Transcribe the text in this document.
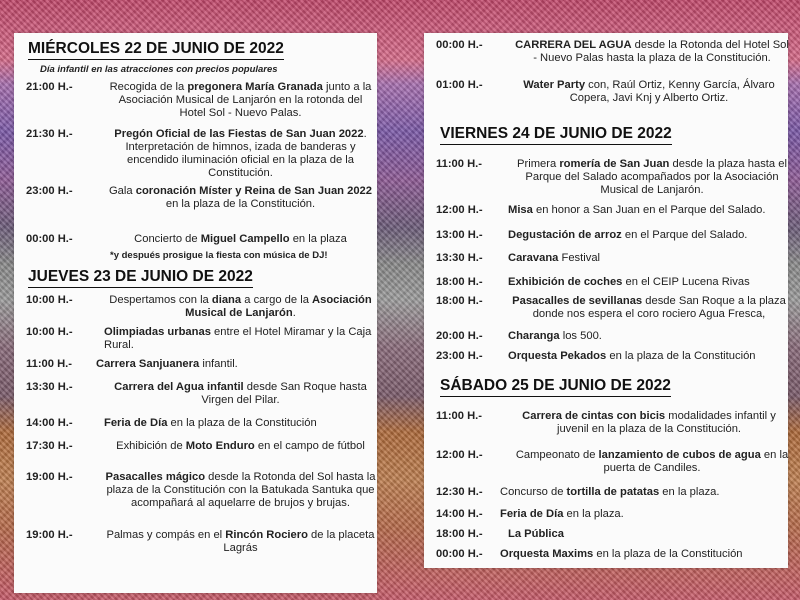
MIÉRCOLES 22 DE JUNIO DE 2022
JUEVES 23 DE JUNIO DE 2022
Día infantil en las atracciones con precios populares
*y después prosigue la fiesta con música de DJ!
21:00 H.-	Recogida de la pregonera María Granada junto a la Asociación Musical de Lanjarón en la rotonda del Hotel Sol - Nuevo Palas.
21:30 H.-	Pregón Oficial de las Fiestas de San Juan 2022. Interpretación de himnos, izada de banderas y encendido iluminación oficial en la plaza de la Constitución.
23:00 H.-	Gala coronación Míster y Reina de San Juan 2022 en la plaza de la Constitución.
00:00 H.-	Concierto de Miguel Campello en la plaza
10:00 H.-	Despertamos con la diana a cargo de la Asociación Musical de Lanjarón.
10:00 H.-	Olimpiadas urbanas entre el Hotel Miramar y la Caja Rural.
11:00 H.- Carrera Sanjuanera infantil.
13:30 H.-	Carrera del Agua infantil desde San Roque hasta Virgen del Pilar.
14:00 H.-	Feria de Día en la plaza de la Constitución
17:30 H.-	Exhibición de Moto Enduro en el campo de fútbol
19:00 H.-	Pasacalles mágico desde la Rotonda del Sol hasta la plaza de la Constitución con la Batukada Santuka que acompañará al aquelarre de brujos y brujas.
19:00 H.-	Palmas y compás en el Rincón Rociero de la placeta Lagrás
VIERNES 24 DE JUNIO DE 2022
SÁBADO 25 DE JUNIO DE 2022
00:00 H.-	CARRERA DEL AGUA desde la Rotonda del Hotel Sol - Nuevo Palas hasta la plaza de la Constitución.
01:00 H.-	Water Party con, Raúl Ortiz, Kenny García, Álvaro Copera, Javi Knj y Alberto Ortiz.
11:00 H.-	Primera romería de San Juan desde la plaza hasta el Parque del Salado acompañados por la Asociación Musical de Lanjarón.
12:00 H.- Misa en honor a San Juan en el Parque del Salado.
13:00 H.- Degustación de arroz en el Parque del Salado.
13:30 H.- Caravana Festival
18:00 H.- Exhibición de coches en el CEIP Lucena Rivas
18:00 H.-	Pasacalles de sevillanas desde San Roque a la plaza donde nos espera el coro rociero Agua Fresca,
20:00 H.- Charanga los 500.
23:00 H.- Orquesta Pekados en la plaza de la Constitución
11:00 H.-	Carrera de cintas con bicis modalidades infantil y juvenil en la plaza de la Constitución.
12:00 H.-	Campeonato de lanzamiento de cubos de agua en la puerta de Candiles.
12:30 H.- Concurso de tortilla de patatas en la plaza.
14:00 H.- Feria de Día en la plaza.
18:00 H.- La Pública
00:00 H.- Orquesta Maxims en la plaza de la Constitución
